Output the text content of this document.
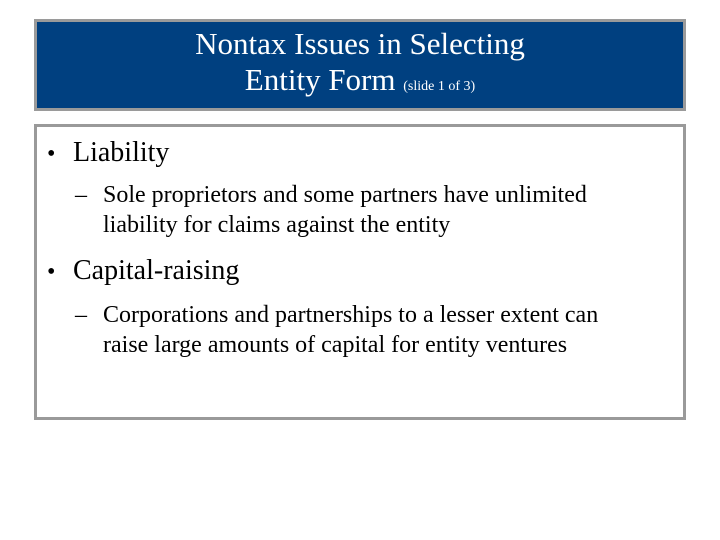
Nontax Issues in Selecting
Entity Form (slide 1 of 3)
• Liability
– Sole proprietors and some partners have unlimited
liability for claims against the entity
• Capital-raising
– Corporations and partnerships to a lesser extent can
raise large amounts of capital for entity ventures
